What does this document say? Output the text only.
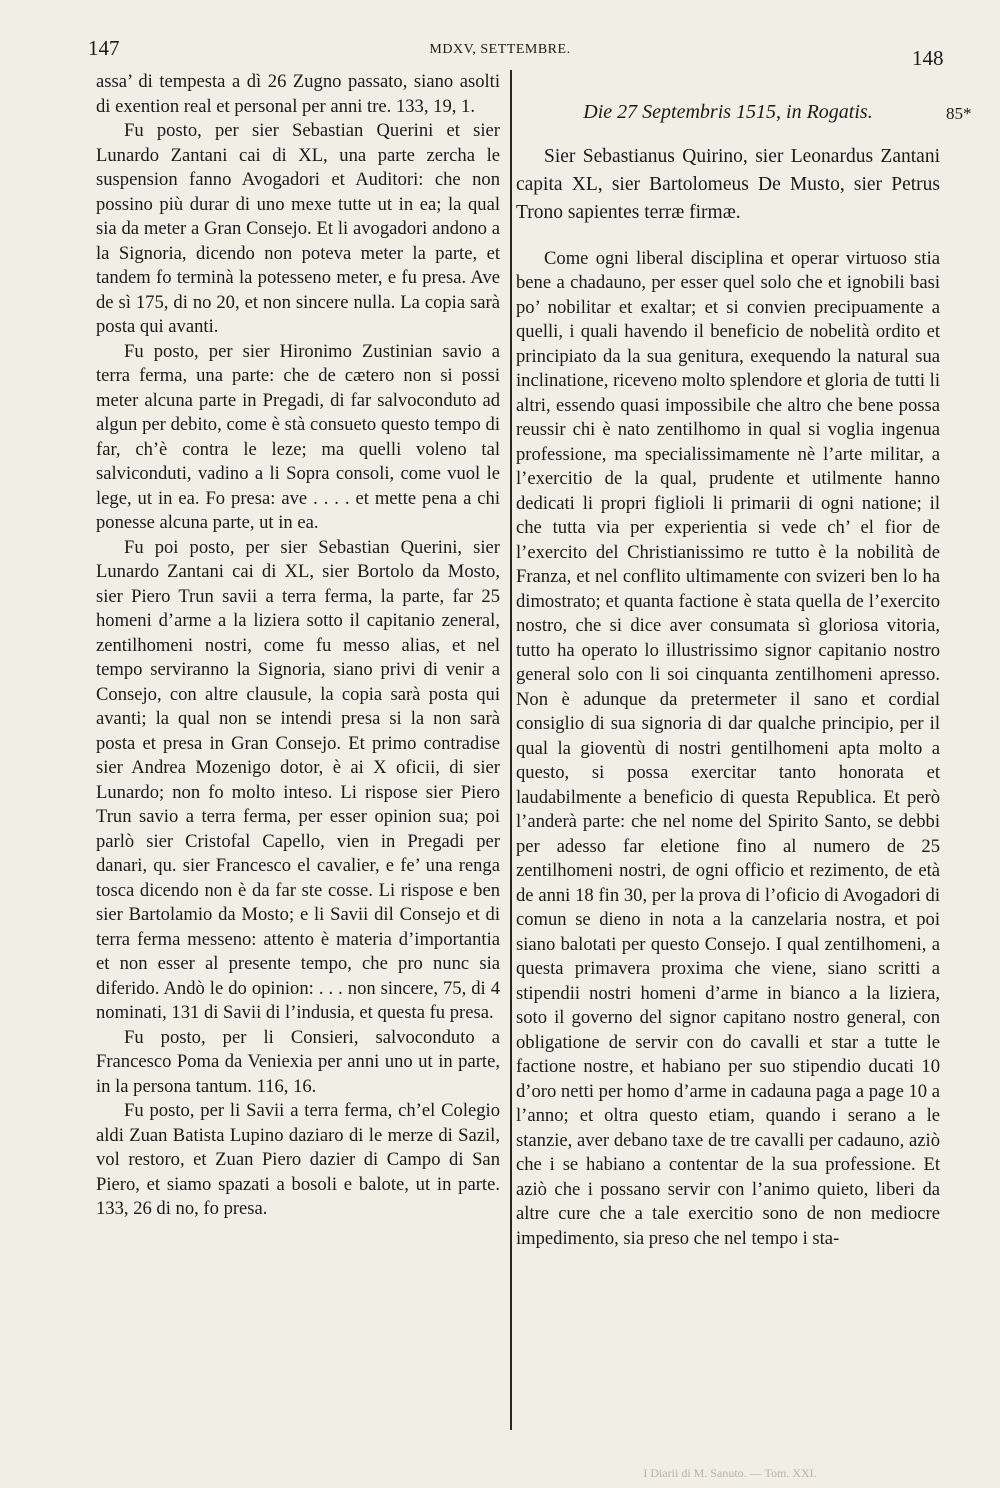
147	MDXV, SETTEMBRE.	148

assa’ di tempesta a dì 26 Zugno passato, siano asolti di exention real et personal per anni tre. 133, 19, 1.

Fu posto, per sier Sebastian Querini et sier Lunardo Zantani cai di XL, una parte zercha le suspension fanno Avogadori et Auditori: che non possino più durar di uno mexe tutte ut in ea; la qual sia da meter a Gran Consejo. Et li avogadori andono a la Signoria, dicendo non poteva meter la parte, et tandem fo terminà la potesseno meter, e fu presa. Ave de sì 175, di no 20, et non sincere nulla. La copia sarà posta qui avanti.

Fu posto, per sier Hironimo Zustinian savio a terra ferma, una parte: che de cætero non si possi meter alcuna parte in Pregadi, di far salvoconduto ad algun per debito, come è stà consueto questo tempo di far, ch’è contra le leze; ma quelli voleno tal salviconduti, vadino a li Sopra consoli, come vuol le lege, ut in ea. Fo presa: ave . . . . et mette pena a chi ponesse alcuna parte, ut in ea.

Fu poi posto, per sier Sebastian Querini, sier Lunardo Zantani cai di XL, sier Bortolo da Mosto, sier Piero Trun savii a terra ferma, la parte, far 25 homeni d’arme a la liziera sotto il capitanio zeneral, zentilhomeni nostri, come fu messo alias, et nel tempo serviranno la Signoria, siano privi di venir a Consejo, con altre clausule, la copia sarà posta qui avanti; la qual non se intendi presa si la non sarà posta et presa in Gran Consejo. Et primo contradise sier Andrea Mozenigo dotor, è ai X oficii, di sier Lunardo; non fo molto inteso. Li rispose sier Piero Trun savio a terra ferma, per esser opinion sua; poi parlò sier Cristofal Capello, vien in Pregadi per danari, qu. sier Francesco el cavalier, e fe’ una renga tosca dicendo non è da far ste cosse. Li rispose e ben sier Bartolamio da Mosto; e li Savii dil Consejo et di terra ferma messeno: attento è materia d’importantia et non esser al presente tempo, che pro nunc sia diferido. Andò le do opinion: . . . non sincere, 75, di 4 nominati, 131 di Savii di l’indusia, et questa fu presa.

Fu posto, per li Consieri, salvoconduto a Francesco Poma da Veniexia per anni uno ut in parte, in la persona tantum. 116, 16.

Fu posto, per li Savii a terra ferma, ch’el Colegio aldi Zuan Batista Lupino daziaro di le merze di Sazil, vol restoro, et Zuan Piero dazier di Campo di San Piero, et siamo spazati a bosoli e balote, ut in parte. 133, 26 di no, fo presa.

Die 27 Septembris 1515, in Rogatis.

Sier Sebastianus Quirino, sier Leonardus Zantani capita XL, sier Bartolomeus De Musto, sier Petrus Trono sapientes terræ firmæ.

Come ogni liberal disciplina et operar virtuoso stia bene a chadauno, per esser quel solo che et ignobili basi po’ nobilitar et exaltar; et si convien precipuamente a quelli, i quali havendo il beneficio de nobelità ordito et principiato da la sua genitura, exequendo la natural sua inclinatione, riceveno molto splendore et gloria de tutti li altri, essendo quasi impossibile che altro che bene possa reussir chi è nato zentilhomo in qual si voglia ingenua professione, ma specialissimamente nè l’arte militar, a l’exercitio de la qual, prudente et utilmente hanno dedicati li propri figlioli li primarii di ogni natione; il che tutta via per experientia si vede ch’ el fior de l’exercito del Christianissimo re tutto è la nobilità de Franza, et nel conflito ultimamente con svizeri ben lo ha dimostrato; et quanta factione è stata quella de l’exercito nostro, che si dice aver consumata sì gloriosa vitoria, tutto ha operato lo illustrissimo signor capitanio nostro general solo con li soi cinquanta zentilhomeni apresso. Non è adunque da pretermeter il sano et cordial consiglio di sua signoria di dar qualche principio, per il qual la gioventù di nostri gentilhomeni apta molto a questo, si possa exercitar tanto honorata et laudabilmente a beneficio di questa Republica. Et però l’anderà parte: che nel nome del Spirito Santo, se debbi per adesso far eletione fino al numero de 25 zentilhomeni nostri, de ogni officio et rezimento, de età de anni 18 fin 30, per la prova di l’oficio di Avogadori di comun se dieno in nota a la canzelaria nostra, et poi siano balotati per questo Consejo. I qual zentilhomeni, a questa primavera proxima che viene, siano scritti a stipendii nostri homeni d’arme in bianco a la liziera, soto il governo del signor capitano nostro general, con obligatione de servir con do cavalli et star a tutte le factione nostre, et habiano per suo stipendio ducati 10 d’oro netti per homo d’arme in cadauna paga a page 10 a l’anno; et oltra questo etiam, quando i serano a le stanzie, aver debano taxe de tre cavalli per cadauno, aziò che i se habiano a contentar de la sua professione. Et aziò che i possano servir con l’animo quieto, liberi da altre cure che a tale exercitio sono de non mediocre impedimento, sia preso che nel tempo i sta-

85*
I Diarii di M. Sanuto. — Tom. XXI.
